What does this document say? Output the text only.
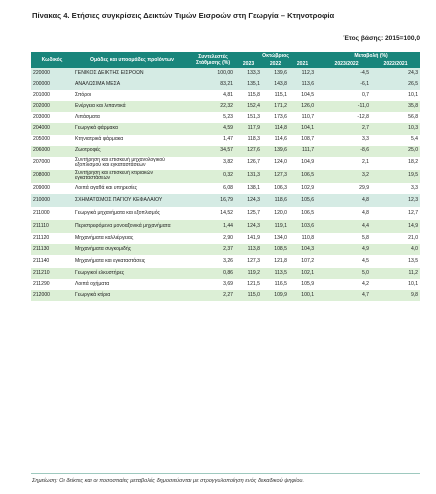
Πίνακας 4. Ετήσιες συγκρίσεις Δεικτών Τιμών Εισροών στη Γεωργία – Κτηνοτροφία
Έτος βάσης: 2015=100,0
Κωδικός	Ομάδες και υποομάδες προϊόντων	Συντελεστές Στάθμισης (%)	Οκτώβριος				Μεταβολή (%)	
			2023	2022	2021		2023/2022	2022/2021
220000	ΓΕΝΙΚΟΣ ΔΕΙΚΤΗΣ ΕΙΣΡΟΩΝ	100,00	133,3	139,6	112,3		-4,5	24,3
200000	ΑΝΑΛΩΣΙΜΑ ΜΕΣΑ	83,21	135,1	143,8	113,6		-6,1	26,5
201000	Σπόροι	4,81	115,8	115,1	104,5		0,7	10,1
202000	Ενέργεια και λιπαντικά	22,32	152,4	171,2	126,0		-11,0	35,8
203000	Λιπάσματα	5,23	151,3	173,6	110,7		-12,8	56,8
204000	Γεωργικά φάρμακα	4,59	117,9	114,8	104,1		2,7	10,3
205000	Κτηνιατρικά φάρμακα	1,47	118,3	114,6	108,7		3,3	5,4
206000	Ζωοτροφές	34,57	127,6	139,6	111,7		-8,6	25,0
207000	Συντήρηση και επισκευή μηχανολογικού εξοπλισμού και εγκαταστάσεων	3,82	126,7	124,0	104,9		2,1	18,2
208000	Συντήρηση και επισκευή κτιριακών εγκαταστάσεων	0,32	131,3	127,3	106,5		3,2	19,5
209000	Λοιπά αγαθά και υπηρεσίες	6,08	138,1	106,3	102,9		29,9	3,3
210000	ΣΧΗΜΑΤΙΣΜΟΣ ΠΑΓΙΟΥ ΚΕΦΑΛΑΙΟΥ	16,79	124,3	118,6	105,6		4,8	12,3
211000	Γεωργικά μηχανήματα και εξοπλισμός	14,52	125,7	120,0	106,5		4,8	12,7
211110	Περιστρεφόμενα μονοαξονικά μηχανήματα	1,44	124,3	119,1	103,6		4,4	14,9
211120	Μηχανήματα καλλιέργειας	2,90	141,9	134,0	110,8		5,8	21,0
211130	Μηχανήματα συγκομιδής	2,37	113,8	108,5	104,3		4,9	4,0
211140	Μηχανήματα και εγκαταστάσεις	3,26	127,3	121,8	107,2		4,5	13,5
211210	Γεωργικοί ελκυστήρες	0,86	119,2	113,5	102,1		5,0	11,2
211290	Λοιπά οχήματα	3,69	121,5	116,5	105,9		4,2	10,1
212000	Γεωργικά κτίρια	2,27	115,0	109,9	100,1		4,7	9,8
Σημείωση: Οι δείκτες και οι ποσοστιαίες μεταβολές δημοσιεύονται με στρογγυλοποίηση ενός δεκαδικού ψηφίου.
